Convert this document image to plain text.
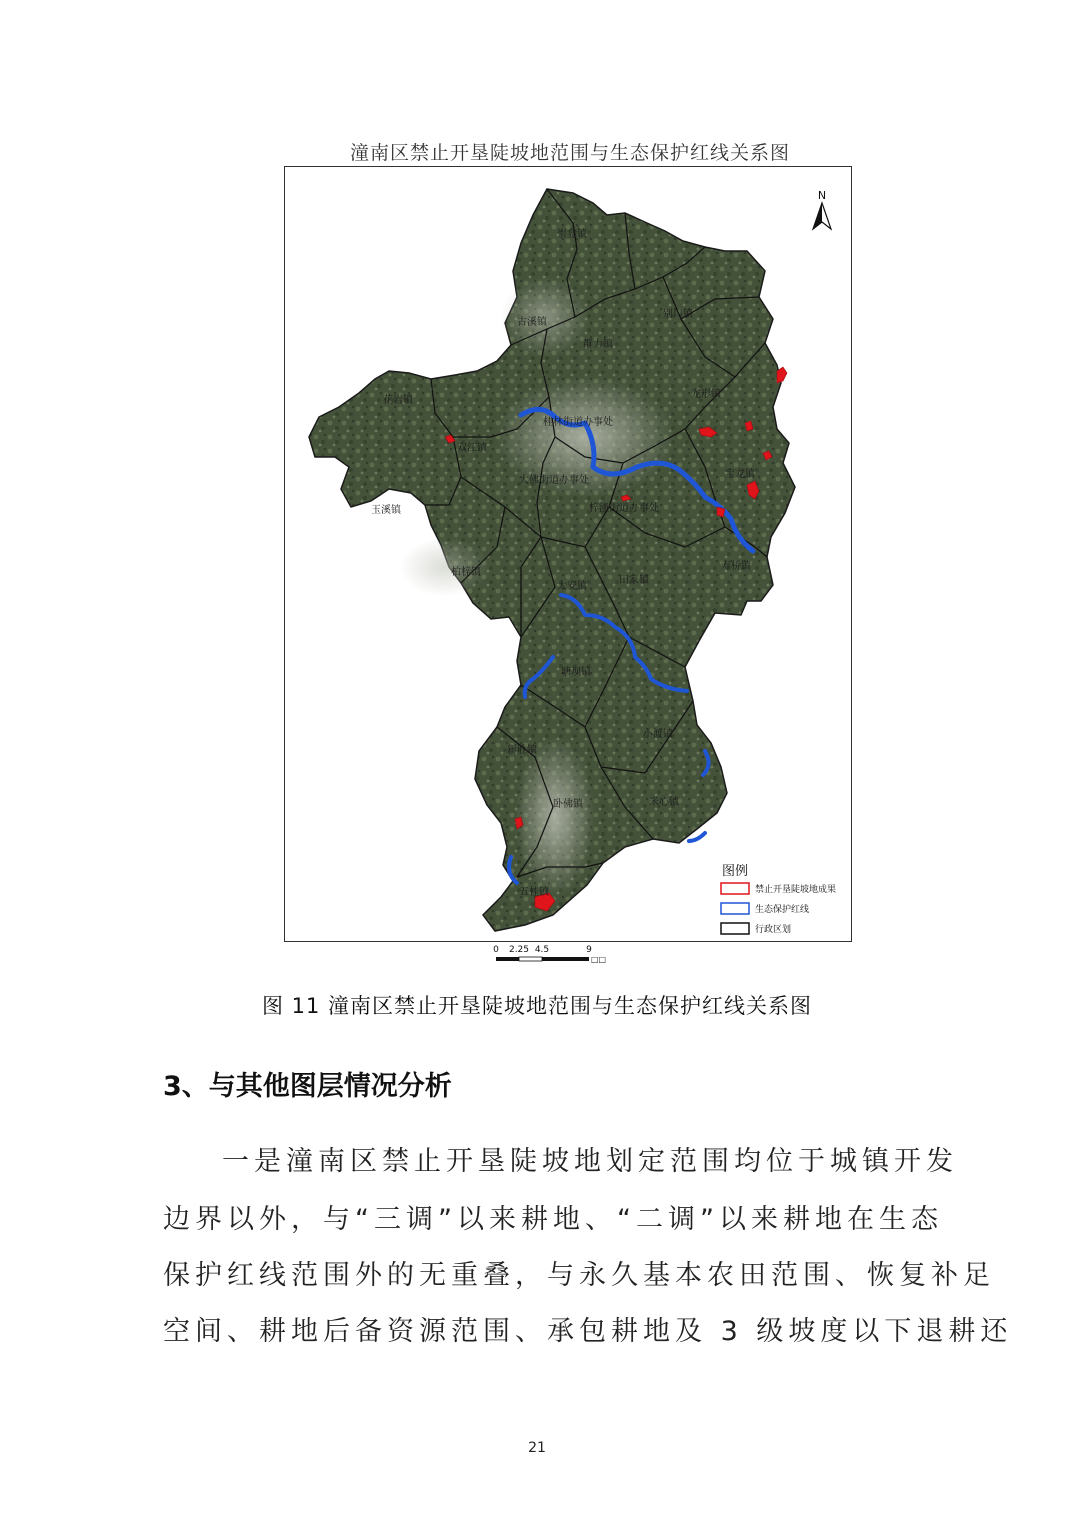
潼南区禁止开垦陡坡地范围与生态保护红线关系图
崇龛镇
古溪镇
群力镇
龙形镇
花岩镇
别口镇
双江镇
桂林街道办事处
大佛街道办事处
梓潼街道办事处
宝龙镇
玉溪镇
寿桥镇
柏梓镇
太安镇
田家镇
塘坝镇
小渡镇
新胜镇
卧佛镇	米心镇
五桂镇
N
图例
禁止开垦陡坡地成果
生态保护红线
行政区划
0 2.25 4.5	9
□□
图 11 潼南区禁止开垦陡坡地范围与生态保护红线关系图
3、与其他图层情况分析
一是潼南区禁止开垦陡坡地划定范围均位于城镇开发
边界以外，与“三调”以来耕地、“二调”以来耕地在生态
保护红线范围外的无重叠，与永久基本农田范围、恢复补足
空间、耕地后备资源范围、承包耕地及 3 级坡度以下退耕还
21
